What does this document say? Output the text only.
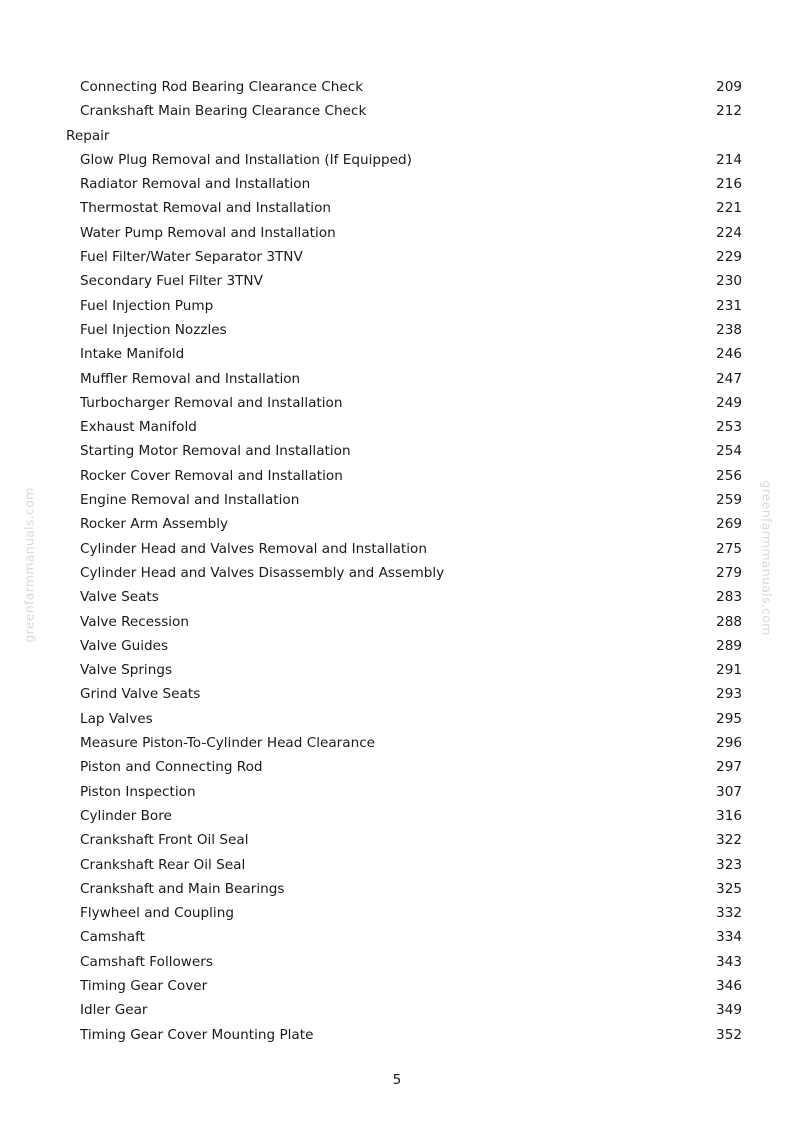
greenfarmmanuals.com	greenfarmmanuals.com
Connecting Rod Bearing Clearance Check	209
Crankshaft Main Bearing Clearance Check	212
Repair
Glow Plug Removal and Installation (If Equipped)	214
Radiator Removal and Installation	216
Thermostat Removal and Installation	221
Water Pump Removal and Installation	224
Fuel Filter/Water Separator 3TNV	229
Secondary Fuel Filter 3TNV	230
Fuel Injection Pump	231
Fuel Injection Nozzles	238
Intake Manifold	246
Muffler Removal and Installation	247
Turbocharger Removal and Installation	249
Exhaust Manifold	253
Starting Motor Removal and Installation	254
Rocker Cover Removal and Installation	256
Engine Removal and Installation	259
Rocker Arm Assembly	269
Cylinder Head and Valves Removal and Installation	275
Cylinder Head and Valves Disassembly and Assembly	279
Valve Seats	283
Valve Recession	288
Valve Guides	289
Valve Springs	291
Grind Valve Seats	293
Lap Valves	295
Measure Piston-To-Cylinder Head Clearance	296
Piston and Connecting Rod	297
Piston Inspection	307
Cylinder Bore	316
Crankshaft Front Oil Seal	322
Crankshaft Rear Oil Seal	323
Crankshaft and Main Bearings	325
Flywheel and Coupling	332
Camshaft	334
Camshaft Followers	343
Timing Gear Cover	346
Idler Gear	349
Timing Gear Cover Mounting Plate	352
5
